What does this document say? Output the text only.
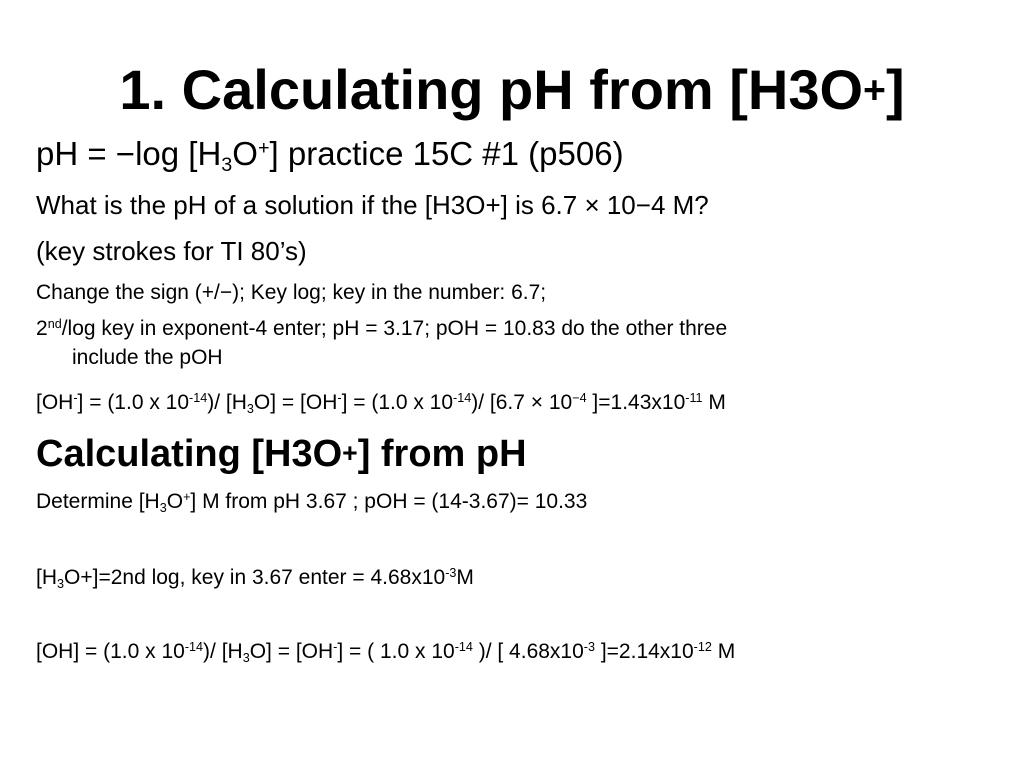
1. Calculating pH from [H3O+]
pH = −log $[H_3O^+]$ practice 15C #1 (p506)
What is the pH of a solution if the [H3O+] is 6.7 × 10−4 M?
(key strokes for TI 80’s)
Change the sign (+/−); Key log; key in the number: 6.7;
2nd/log key in exponent-4 enter; pH = 3.17; pOH = 10.83 do the other three
include the pOH
[OH-] = (1.0 x $10^{-14})/$ $[H_3O] = [OH^-] = (1.0$ x $10^{-14})/$ [$6.7 \times 10^{-4}$ ]$=1.43x10^{-11}$ M
Calculating [H3O+] from pH
Determine $[H_3O^+]$ M from pH 3.67 ; pOH = (14-3.67)= 10.33
$[H_3O+]=2nd$ log, key in 3.67 enter = $4.68x10^{-3}M$
[OH] = (1.0 x $10^{-14})/$ $[H_3O] = [OH^-]$ = ( 1.0 x $10^{-14}$ )/ [ $4.68x10^{-3}$ ]$=2.14x10^{-12}$ M
